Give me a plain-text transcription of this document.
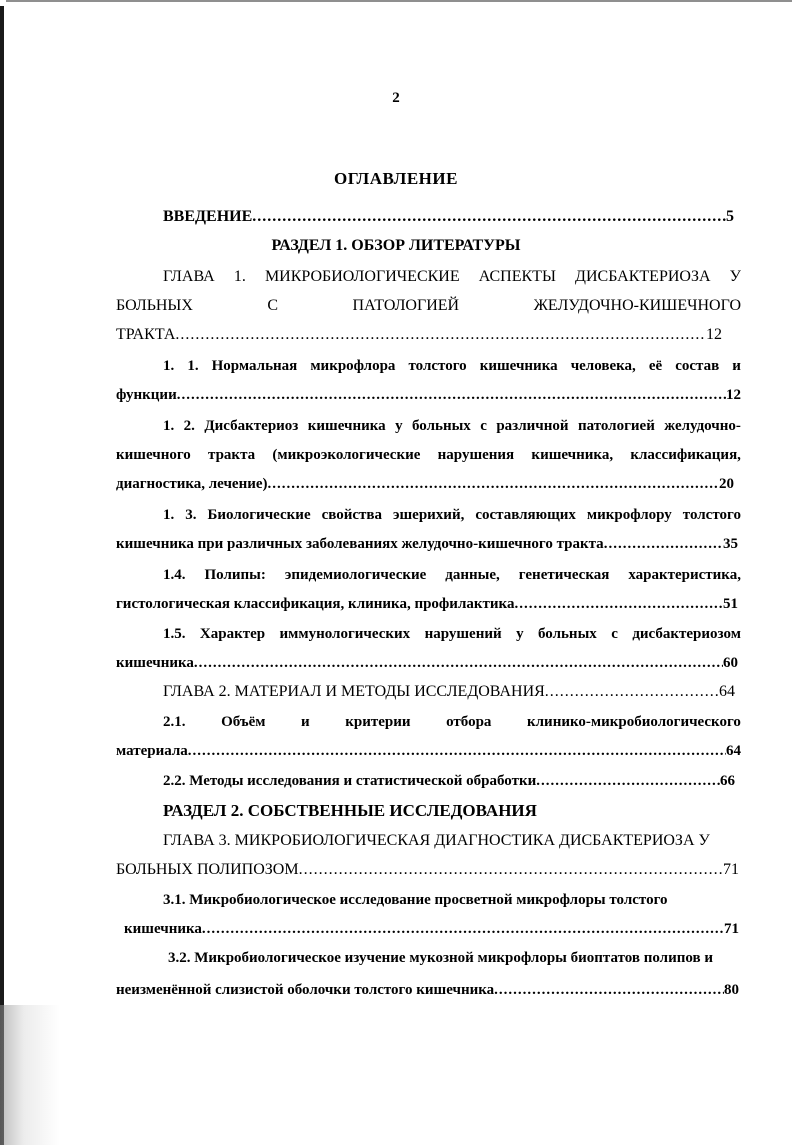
2
ОГЛАВЛЕНИЕ
ВВЕДЕНИЕ .....	5
РАЗДЕЛ 1. ОБЗОР ЛИТЕРАТУРЫ
ГЛАВА 1. МИКРОБИОЛОГИЧЕСКИЕ АСПЕКТЫ ДИСБАКТЕРИОЗА У
БОЛЬНЫХ	С	ПАТОЛОГИЕЙ	ЖЕЛУДОЧНО-КИШЕЧНОГО
ТРАКТА .....	12
1. 1. Нормальная микрофлора толстого кишечника человека, её состав и
функции .....	12
1. 2. Дисбактериоз кишечника у больных с различной патологией желудочно-
кишечного тракта (микроэкологические нарушения кишечника, классификация,
диагностика, лечение) .....	20
1. 3. Биологические свойства эшерихий, составляющих микрофлору толстого
кишечника при различных заболеваниях желудочно-кишечного тракта .....	35
1.4. Полипы: эпидемиологические данные, генетическая характеристика,
гистологическая классификация, клиника, профилактика .....	51
1.5. Характер иммунологических нарушений у больных с дисбактериозом
кишечника .....	60
ГЛАВА 2. МАТЕРИАЛ И МЕТОДЫ ИССЛЕДОВАНИЯ .....	64
2.1. Объём и критерии отбора клинико-микробиологического
материала .....	64
2.2. Методы исследования и статистической обработки .....	66
РАЗДЕЛ 2. СОБСТВЕННЫЕ ИССЛЕДОВАНИЯ
ГЛАВА 3. МИКРОБИОЛОГИЧЕСКАЯ ДИАГНОСТИКА ДИСБАКТЕРИОЗА У
БОЛЬНЫХ ПОЛИПОЗОМ .....	71
3.1. Микробиологическое исследование просветной микрофлоры толстого
кишечника .....	71
3.2. Микробиологическое изучение мукозной микрофлоры биоптатов полипов и
неизменённой слизистой оболочки толстого кишечника .....	80
